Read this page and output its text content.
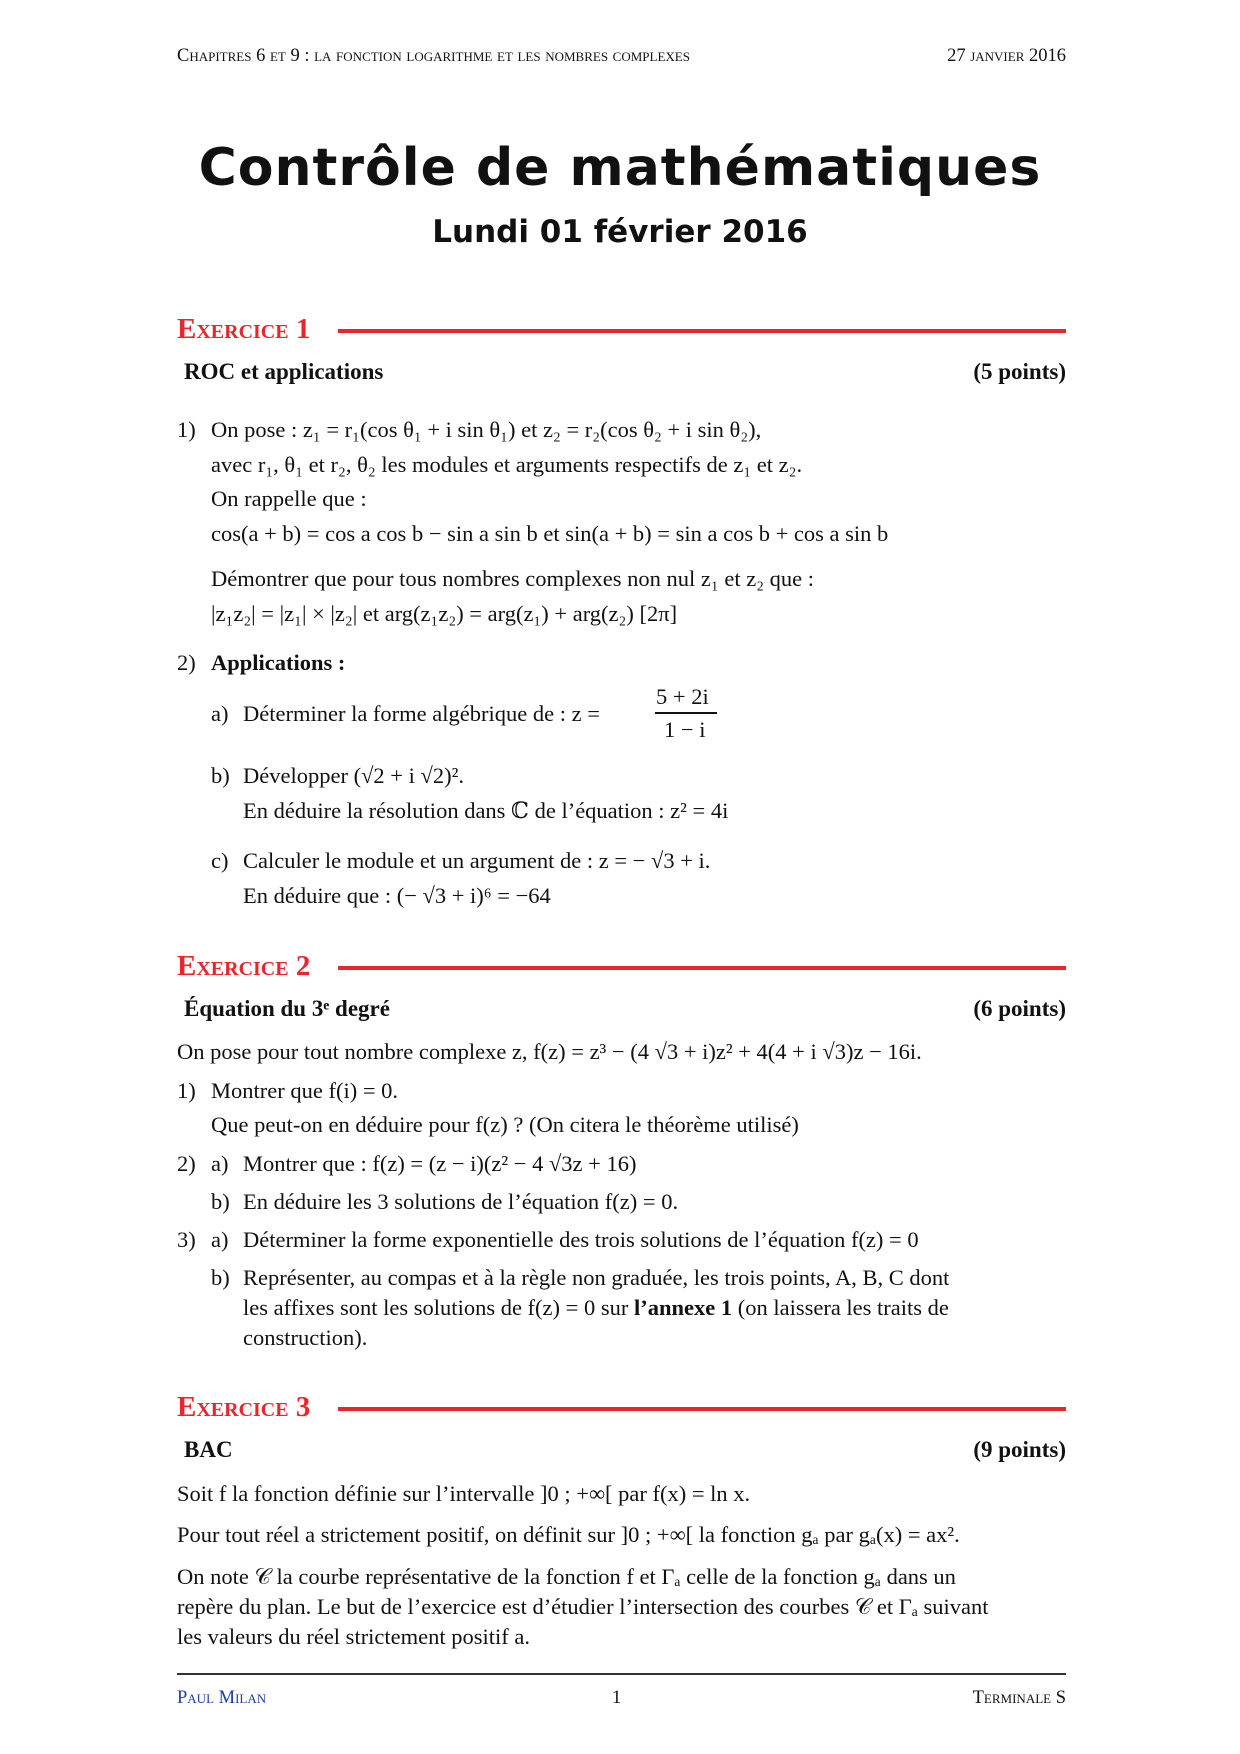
Chapitres 6 et 9 : la fonction logarithme et les nombres complexes	27 janvier 2016
Contrôle de mathématiques
Lundi 01 février 2016
Exercice 1
ROC et applications	(5 points)
1) On pose : z₁ = r₁(cos θ₁ + i sin θ₁) et z₂ = r₂(cos θ₂ + i sin θ₂),
avec r₁, θ₁ et r₂, θ₂ les modules et arguments respectifs de z₁ et z₂.
On rappelle que :
cos(a + b) = cos a cos b − sin a sin b et sin(a + b) = sin a cos b + cos a sin b
Démontrer que pour tous nombres complexes non nul z₁ et z₂ que :
|z₁z₂| = |z₁| × |z₂| et arg(z₁z₂) = arg(z₁) + arg(z₂) [2π]
2) Applications :
a) Déterminer la forme algébrique de : z =
5 + 2i
1 − i
b) Développer (√2 + i √2)².
En déduire la résolution dans ℂ de l’équation : z² = 4i
c) Calculer le module et un argument de : z = − √3 + i.
En déduire que : (− √3 + i)⁶ = −64
Exercice 2
Équation du 3ᵉ degré	(6 points)
On pose pour tout nombre complexe z, f(z) = z³ − (4 √3 + i)z² + 4(4 + i √3)z − 16i.
1) Montrer que f(i) = 0.
Que peut-on en déduire pour f(z) ? (On citera le théorème utilisé)
2) a) Montrer que : f(z) = (z − i)(z² − 4 √3z + 16)
b) En déduire les 3 solutions de l’équation f(z) = 0.
3) a) Déterminer la forme exponentielle des trois solutions de l’équation f(z) = 0
b) Représenter, au compas et à la règle non graduée, les trois points, A, B, C dont
les affixes sont les solutions de f(z) = 0 sur l’annexe 1 (on laissera les traits de
construction).
Exercice 3
BAC	(9 points)
Soit f la fonction définie sur l’intervalle ]0 ; +∞[ par f(x) = ln x.
Pour tout réel a strictement positif, on définit sur ]0 ; +∞[ la fonction gₐ par gₐ(x) = ax².
On note 𝒞 la courbe représentative de la fonction f et Γₐ celle de la fonction gₐ dans un
repère du plan. Le but de l’exercice est d’étudier l’intersection des courbes 𝒞 et Γₐ suivant
les valeurs du réel strictement positif a.
Paul Milan	1	Terminale S
